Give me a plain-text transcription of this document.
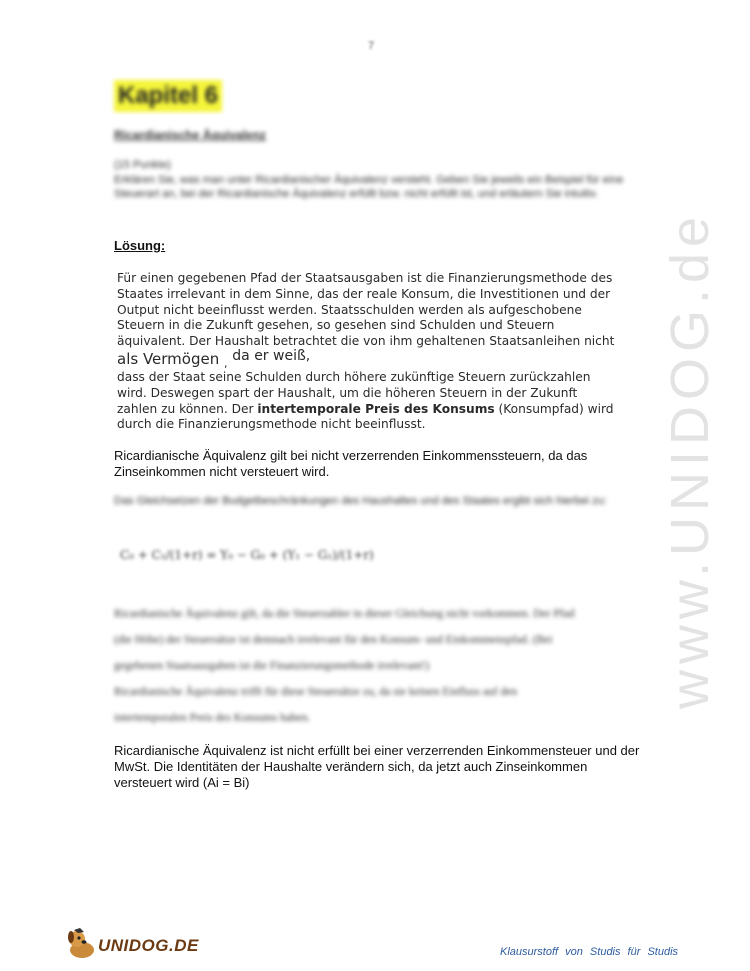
www.UNIDOG.de
7
Kapitel 6
Ricardianische Äquivalenz
(15 Punkte)
Erklären Sie, was man unter Ricardianischer Äquivalenz versteht. Geben Sie jeweils ein Beispiel für eine Steuerart an, bei der Ricardianische Äquivalenz erfüllt bzw. nicht erfüllt ist, und erläutern Sie intuitiv.
Lösung:
Für einen gegebenen Pfad der Staatsausgaben ist die Finanzierungsmethode des
Staates irrelevant in dem Sinne, das der reale Konsum, die Investitionen und der
Output nicht beeinflusst werden. Staatsschulden werden als aufgeschobene
Steuern in die Zukunft gesehen, so gesehen sind Schulden und Steuern
äquivalent. Der Haushalt betrachtet die von ihm gehaltenen Staatsanleihen nicht
als Vermögen $_,$ da er weiß,
dass der Staat seine Schulden durch höhere zukünftige Steuern zurückzahlen
wird. Deswegen spart der Haushalt, um die höheren Steuern in der Zukunft
zahlen zu können. Der intertemporale Preis des Konsums (Konsumpfad) wird
durch die Finanzierungsmethode nicht beeinflusst.
Ricardianische Äquivalenz gilt bei nicht verzerrenden Einkommenssteuern, da das Zinseinkommen nicht versteuert wird.
Das Gleichsetzen der Budgetbeschränkungen des Haushaltes und des Staates ergibt sich hierbei zu:
C₀ + C₁/(1+r) = Y₀ − G₀ + (Y₁ − G₁)/(1+r)
Ricardianische Äquivalenz gilt, da die Steuerzahler in dieser Gleichung nicht vorkommen. Der Pfad
(die Höhe) der Steuersätze ist demnach irrelevant für den Konsum- und Einkommenspfad. (Bei
gegebenen Staatsausgaben ist die Finanzierungsmethode irrelevant!)
Ricardianische Äquivalenz trifft für diese Steuersätze zu, da sie keinen Einfluss auf den
intertemporalen Preis des Konsums haben.
Ricardianische Äquivalenz ist nicht erfüllt bei einer verzerrenden Einkommensteuer und der MwSt. Die Identitäten der Haushalte verändern sich, da jetzt auch Zinseinkommen versteuert wird (Ai = Bi)
UNIDOG.DE	Klausurstoff von Studis für Studis
